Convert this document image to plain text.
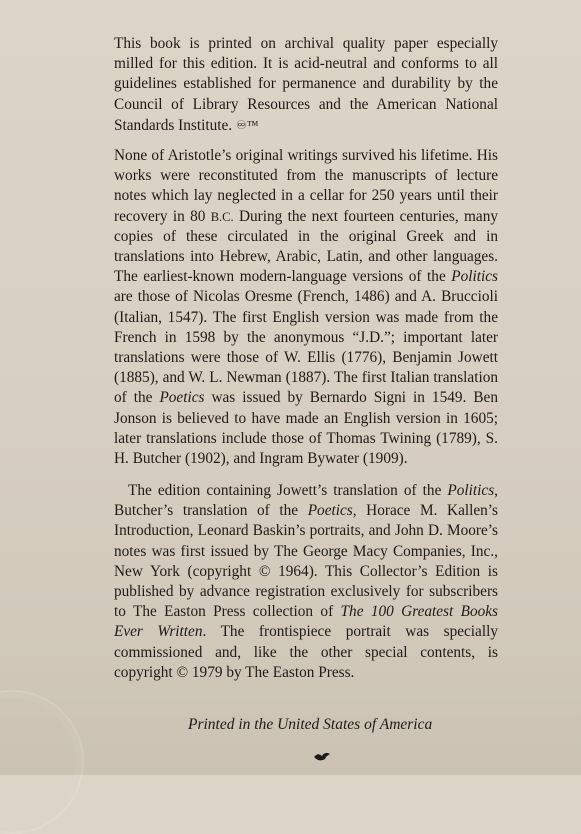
This book is printed on archival quality paper especially milled for this edition. It is acid-neutral and conforms to all guidelines established for permanence and durability by the Council of Library Resources and the American National Standards Institute. ♾™

None of Aristotle’s original writings survived his lifetime. His works were reconstituted from the manuscripts of lecture notes which lay neglected in a cellar for 250 years until their recovery in 80 B.C. During the next fourteen centuries, many copies of these circulated in the original Greek and in translations into Hebrew, Arabic, Latin, and other languages. The earliest-known modern-language versions of the Politics are those of Nicolas Oresme (French, 1486) and A. Bruccioli (Italian, 1547). The first English version was made from the French in 1598 by the anonymous “J.D.”; important later translations were those of W. Ellis (1776), Benjamin Jowett (1885), and W. L. Newman (1887). The first Italian translation of the Poetics was issued by Bernardo Signi in 1549. Ben Jonson is believed to have made an English version in 1605; later translations include those of Thomas Twining (1789), S. H. Butcher (1902), and Ingram Bywater (1909).

The edition containing Jowett’s translation of the Politics, Butcher’s translation of the Poetics, Horace M. Kallen’s Introduction, Leonard Baskin’s portraits, and John D. Moore’s notes was first issued by The George Macy Companies, Inc., New York (copyright © 1964). This Collector’s Edition is published by advance registration exclusively for subscribers to The Easton Press collection of The 100 Greatest Books Ever Written. The frontispiece portrait was specially commissioned and, like the other special contents, is copyright © 1979 by The Easton Press.

Printed in the United States of America
